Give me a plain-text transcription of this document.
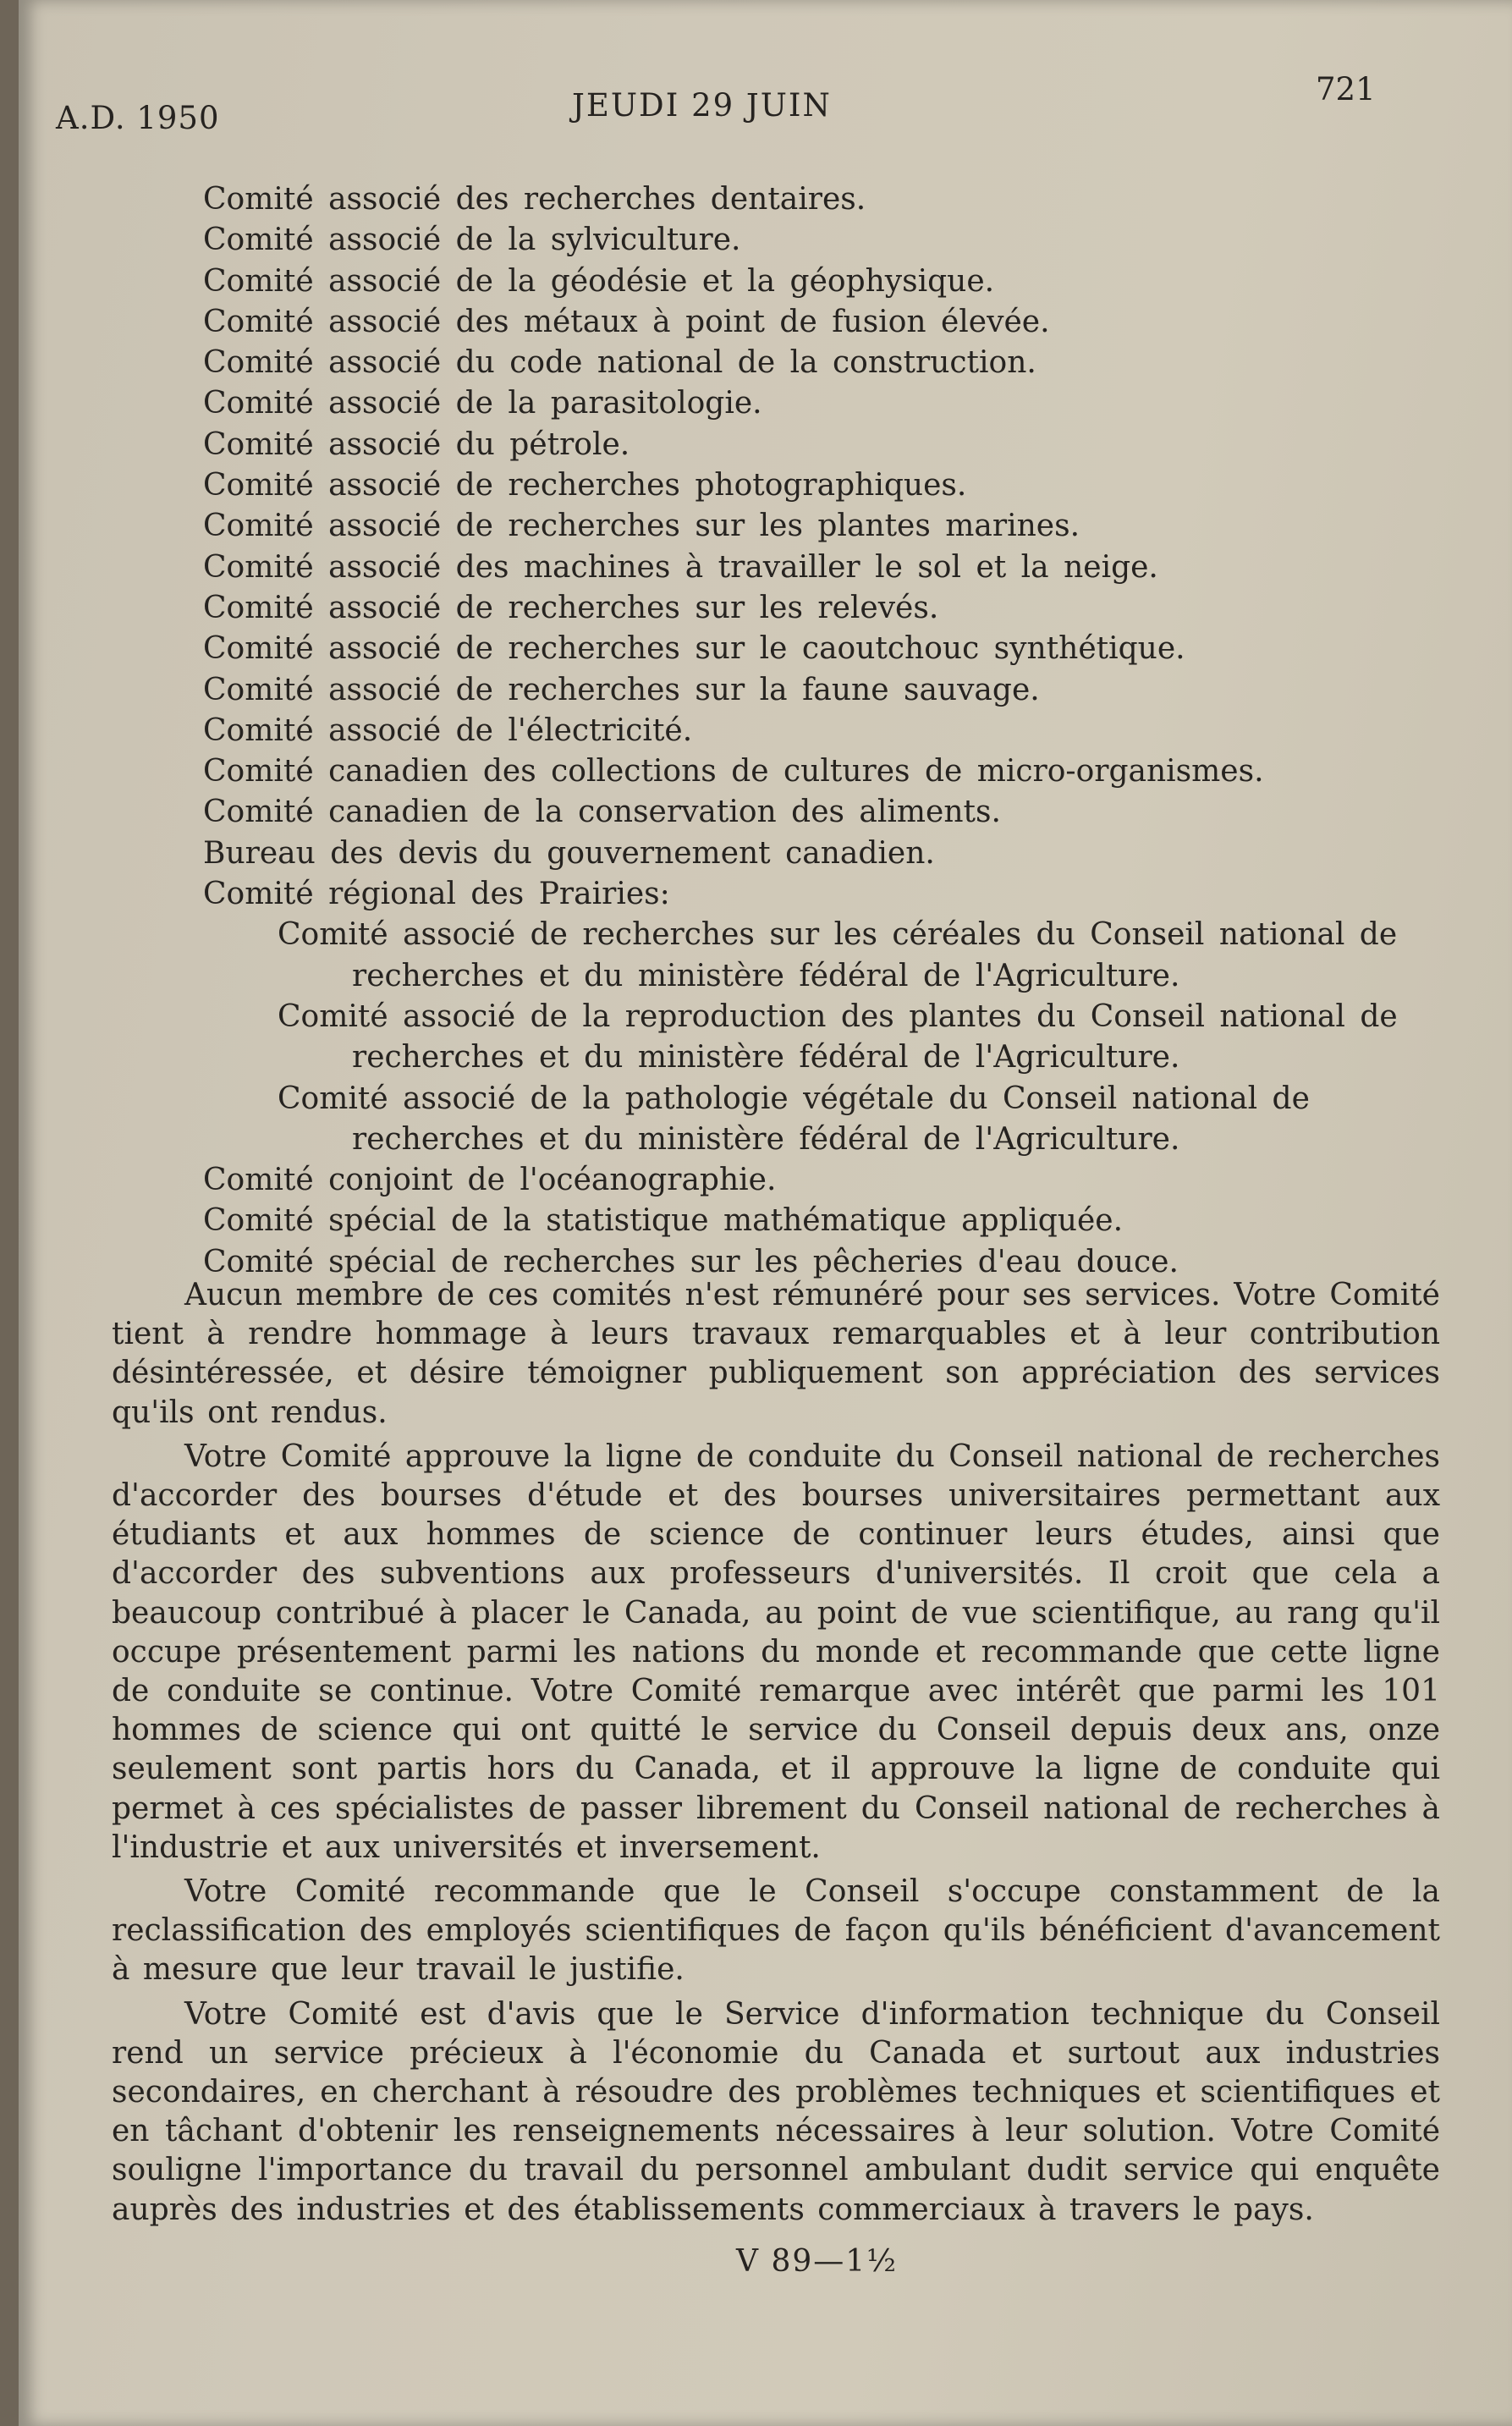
A.D. 1950	JEUDI 29 JUIN	721
Comité associé des recherches dentaires.
Comité associé de la sylviculture.
Comité associé de la géodésie et la géophysique.
Comité associé des métaux à point de fusion élevée.
Comité associé du code national de la construction.
Comité associé de la parasitologie.
Comité associé du pétrole.
Comité associé de recherches photographiques.
Comité associé de recherches sur les plantes marines.
Comité associé des machines à travailler le sol et la neige.
Comité associé de recherches sur les relevés.
Comité associé de recherches sur le caoutchouc synthétique.
Comité associé de recherches sur la faune sauvage.
Comité associé de l'électricité.
Comité canadien des collections de cultures de micro-organismes.
Comité canadien de la conservation des aliments.
Bureau des devis du gouvernement canadien.
Comité régional des Prairies:
Comité associé de recherches sur les céréales du Conseil national de recherches et du ministère fédéral de l'Agriculture.
Comité associé de la reproduction des plantes du Conseil national de recherches et du ministère fédéral de l'Agriculture.
Comité associé de la pathologie végétale du Conseil national de recherches et du ministère fédéral de l'Agriculture.
Comité conjoint de l'océanographie.
Comité spécial de la statistique mathématique appliquée.
Comité spécial de recherches sur les pêcheries d'eau douce.

Aucun membre de ces comités n'est rémunéré pour ses services. Votre Comité tient à rendre hommage à leurs travaux remarquables et à leur contribution désintéressée, et désire témoigner publiquement son appréciation des services qu'ils ont rendus.

Votre Comité approuve la ligne de conduite du Conseil national de recherches d'accorder des bourses d'étude et des bourses universitaires permettant aux étudiants et aux hommes de science de continuer leurs études, ainsi que d'accorder des subventions aux professeurs d'universités. Il croit que cela a beaucoup contribué à placer le Canada, au point de vue scientifique, au rang qu'il occupe présentement parmi les nations du monde et recommande que cette ligne de conduite se continue. Votre Comité remarque avec intérêt que parmi les 101 hommes de science qui ont quitté le service du Conseil depuis deux ans, onze seulement sont partis hors du Canada, et il approuve la ligne de conduite qui permet à ces spécialistes de passer librement du Conseil national de recherches à l'industrie et aux universités et inversement.

Votre Comité recommande que le Conseil s'occupe constamment de la reclassification des employés scientifiques de façon qu'ils bénéficient d'avancement à mesure que leur travail le justifie.

Votre Comité est d'avis que le Service d'information technique du Conseil rend un service précieux à l'économie du Canada et surtout aux industries secondaires, en cherchant à résoudre des problèmes techniques et scientifiques et en tâchant d'obtenir les renseignements nécessaires à leur solution. Votre Comité souligne l'importance du travail du personnel ambulant dudit service qui enquête auprès des industries et des établissements commerciaux à travers le pays.

V 89—1½
